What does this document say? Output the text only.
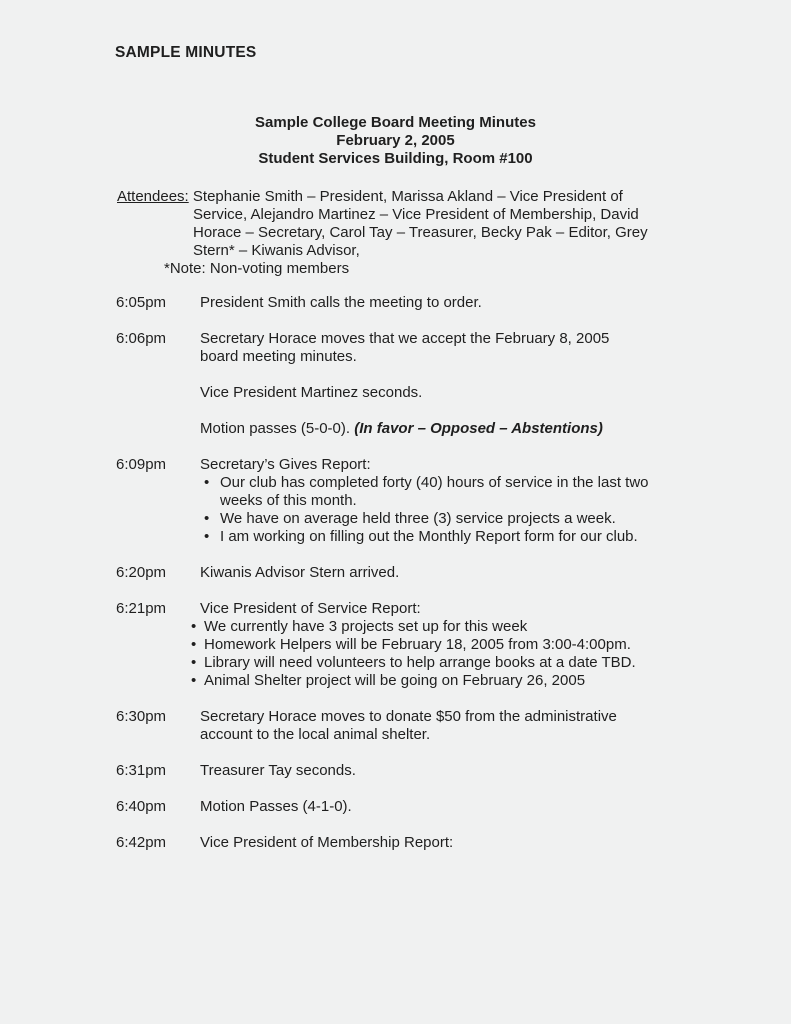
SAMPLE MINUTES
Sample College Board Meeting Minutes
February 2, 2005
Student Services Building, Room #100
Attendees: Stephanie Smith – President, Marissa Akland – Vice President of
Service, Alejandro Martinez – Vice President of Membership, David
Horace – Secretary, Carol Tay – Treasurer, Becky Pak – Editor, Grey
Stern* – Kiwanis Advisor,
*Note: Non-voting members
6:05pm	President Smith calls the meeting to order.
6:06pm	Secretary Horace moves that we accept the February 8, 2005
board meeting minutes.
Vice President Martinez seconds.
Motion passes (5-0-0). (In favor – Opposed – Abstentions)
6:09pm	Secretary’s Gives Report:
• Our club has completed forty (40) hours of service in the last two
weeks of this month.
• We have on average held three (3) service projects a week.
• I am working on filling out the Monthly Report form for our club.
6:20pm	Kiwanis Advisor Stern arrived.
6:21pm	Vice President of Service Report:
• We currently have 3 projects set up for this week
• Homework Helpers will be February 18, 2005 from 3:00-4:00pm.
• Library will need volunteers to help arrange books at a date TBD.
• Animal Shelter project will be going on February 26, 2005
6:30pm	Secretary Horace moves to donate $50 from the administrative
account to the local animal shelter.
6:31pm	Treasurer Tay seconds.
6:40pm	Motion Passes (4-1-0).
6:42pm	Vice President of Membership Report:
